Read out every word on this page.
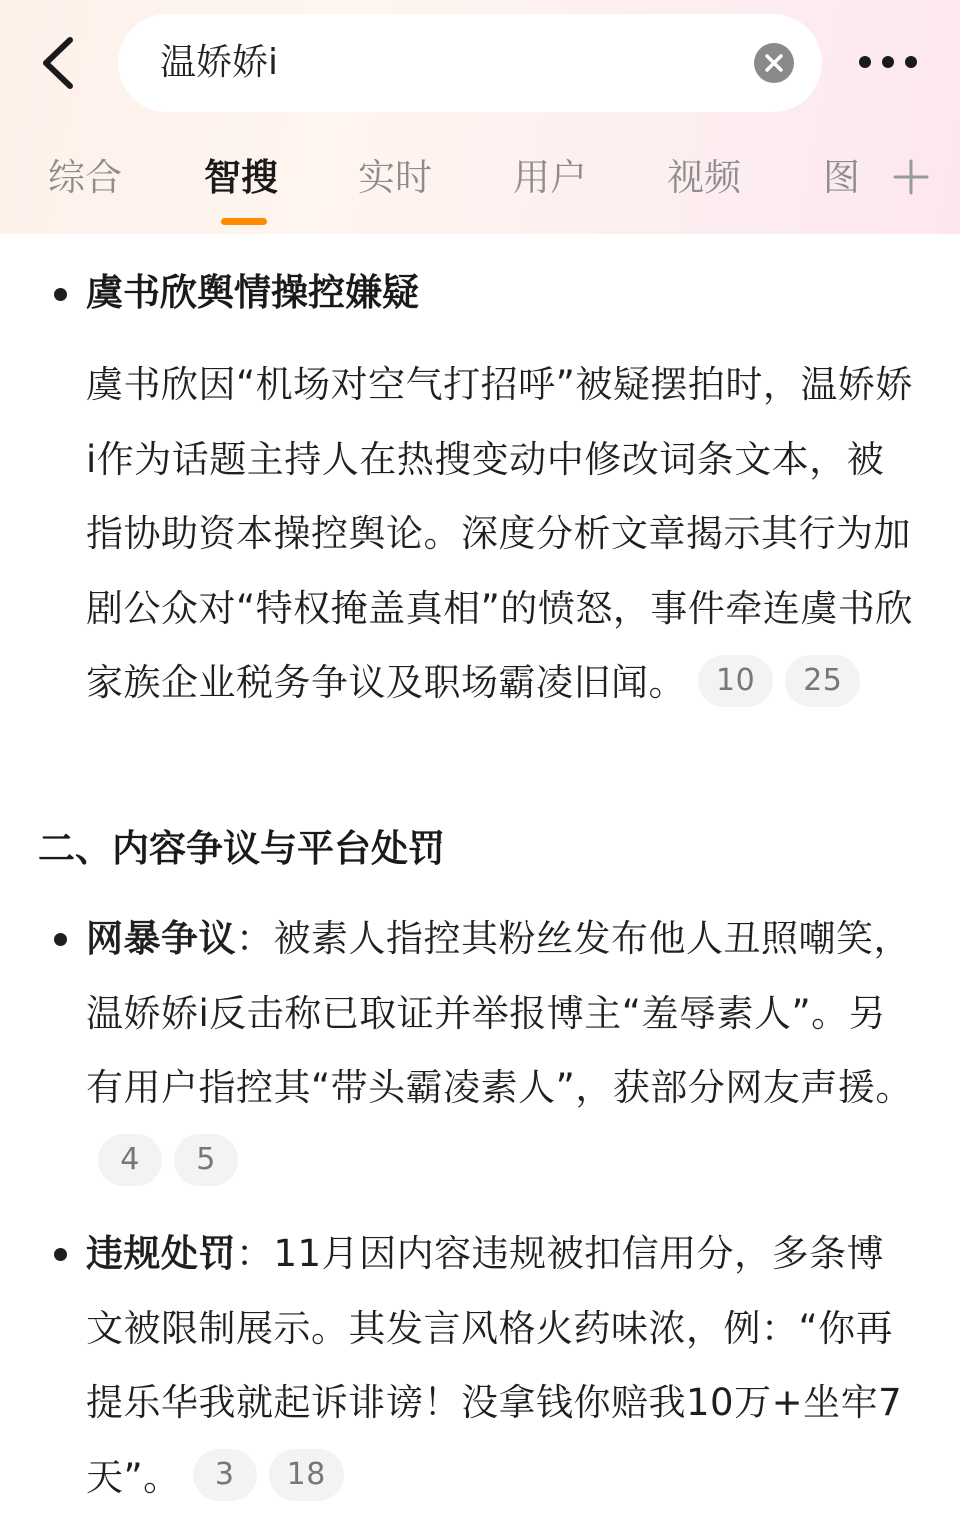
温娇娇i
综合 智搜 实时 用户 视频 图
虞书欣舆情操控嫌疑
虞书欣因“机场对空气打招呼”被疑摆拍时，温娇娇i作为话题主持人在热搜变动中修改词条文本，被指协助资本操控舆论。深度分析文章揭示其行为加剧公众对“特权掩盖真相”的愤怒，事件牵连虞书欣家族企业税务争议及职场霸凌旧闻。 10 25
二、内容争议与平台处罚
网暴争议：被素人指控其粉丝发布他人丑照嘲笑，温娇娇i反击称已取证并举报博主“羞辱素人”。另有用户指控其“带头霸凌素人”，获部分网友声援。4 5
违规处罚：11月因内容违规被扣信用分，多条博文被限制展示。其发言风格火药味浓，例：“你再提乐华我就起诉诽谤！没拿钱你赔我10万+坐牢7天”。 3 18
